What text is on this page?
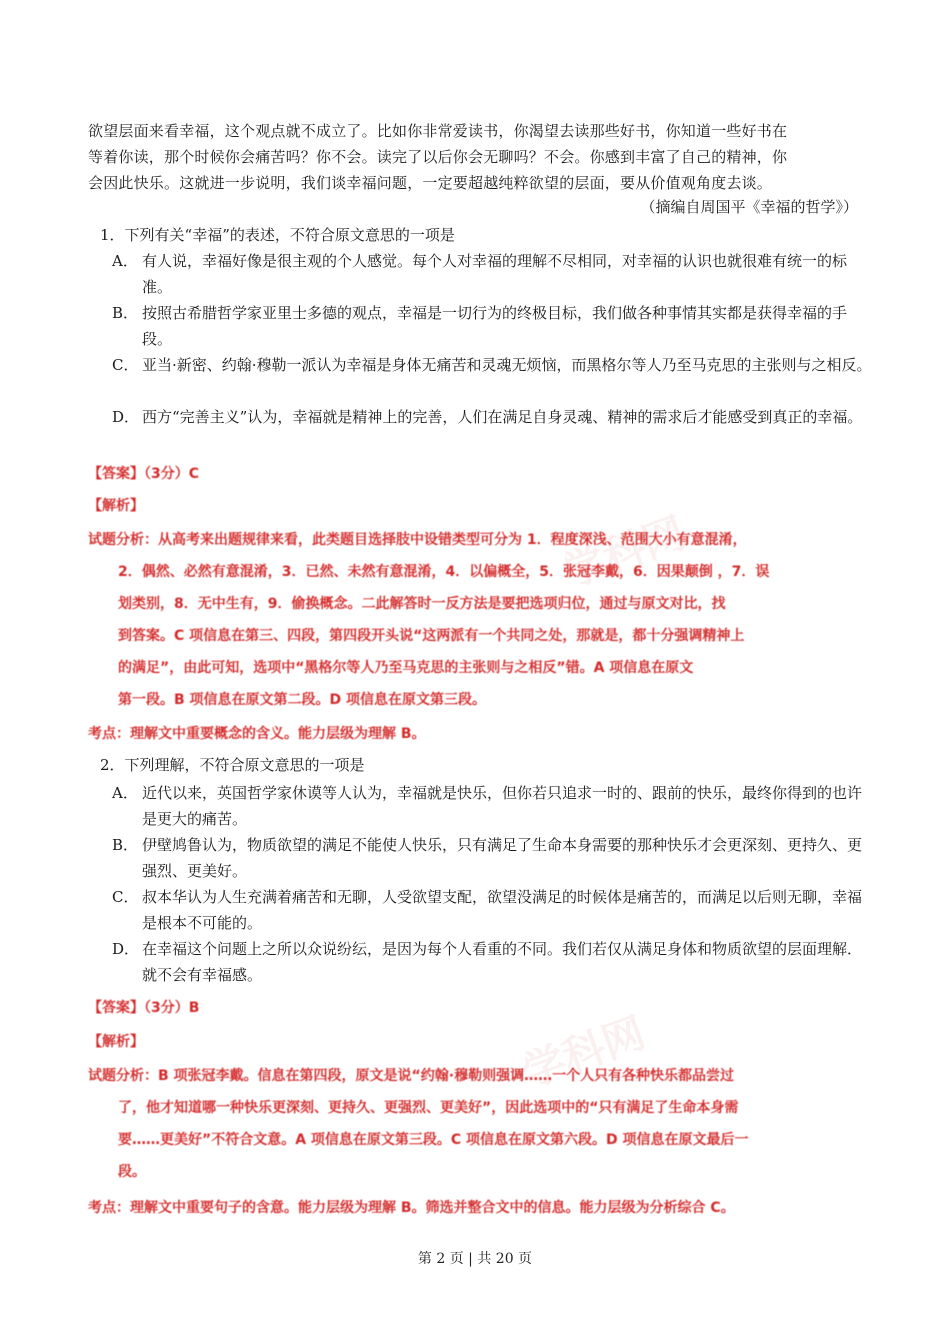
学科网
学科网
欲望层面来看幸福，这个观点就不成立了。比如你非常爱读书，你渴望去读那些好书，你知道一些好书在
等着你读，那个时候你会痛苦吗？你不会。读完了以后你会无聊吗？不会。你感到丰富了自己的精神，你
会因此快乐。这就进一步说明，我们谈幸福问题，一定要超越纯粹欲望的层面，要从价值观角度去谈。
（摘编自周国平《幸福的哲学》）
1．下列有关“幸福”的表述，不符合原文意思的一项是
A． 有人说，幸福好像是很主观的个人感觉。每个人对幸福的理解不尽相同，对幸福的认识也就很难有统一的标准。
B． 按照古希腊哲学家亚里士多德的观点，幸福是一切行为的终极目标，我们做各种事情其实都是获得幸福的手段。
C． 亚当·新密、约翰·穆勒一派认为幸福是身体无痛苦和灵魂无烦恼，而黑格尔等人乃至马克思的主张则与之相反。
D． 西方“完善主义”认为，幸福就是精神上的完善，人们在满足自身灵魂、精神的需求后才能感受到真正的幸福。
【答案】（3分）C
【解析】
试题分析：从高考来出题规律来看，此类题目选择肢中设错类型可分为 1．程度深浅、范围大小有意混淆，
2．偶然、必然有意混淆，3．已然、未然有意混淆，4．以偏概全，5．张冠李戴，6．因果颠倒 ，7．误
划类别，8．无中生有，9．偷换概念。二此解答时一反方法是要把选项归位，通过与原文对比，找
到答案。C 项信息在第三、四段，第四段开头说“这两派有一个共同之处，那就是，都十分强调精神上
的满足”，由此可知，选项中“黑格尔等人乃至马克思的主张则与之相反”错。A 项信息在原文
第一段。B 项信息在原文第二段。D 项信息在原文第三段。
考点：理解文中重要概念的含义。能力层级为理解 B。
2．下列理解，不符合原文意思的一项是
A． 近代以来，英国哲学家休谟等人认为，幸福就是快乐，但你若只追求一时的、跟前的快乐，最终你得到的也许是更大的痛苦。
B． 伊壁鸠鲁认为，物质欲望的满足不能使人快乐，只有满足了生命本身需要的那种快乐才会更深刻、更持久、更强烈、更美好。
C． 叔本华认为人生充满着痛苦和无聊，人受欲望支配，欲望没满足的时候体是痛苦的，而满足以后则无聊，幸福是根本不可能的。
D． 在幸福这个问题上之所以众说纷纭，是因为每个人看重的不同。我们若仅从满足身体和物质欲望的层面理解．就不会有幸福感。
【答案】（3分）B
【解析】
试题分析：B 项张冠李戴。信息在第四段，原文是说“约翰·穆勒则强调……一个人只有各种快乐都品尝过
了，他才知道哪一种快乐更深刻、更持久、更强烈、更美好”，因此选项中的“只有满足了生命本身需
要……更美好”不符合文意。A 项信息在原文第三段。C 项信息在原文第六段。D 项信息在原文最后一
段。
考点：理解文中重要句子的含意。能力层级为理解 B。筛选并整合文中的信息。能力层级为分析综合 C。
第 2 页 | 共 20 页
